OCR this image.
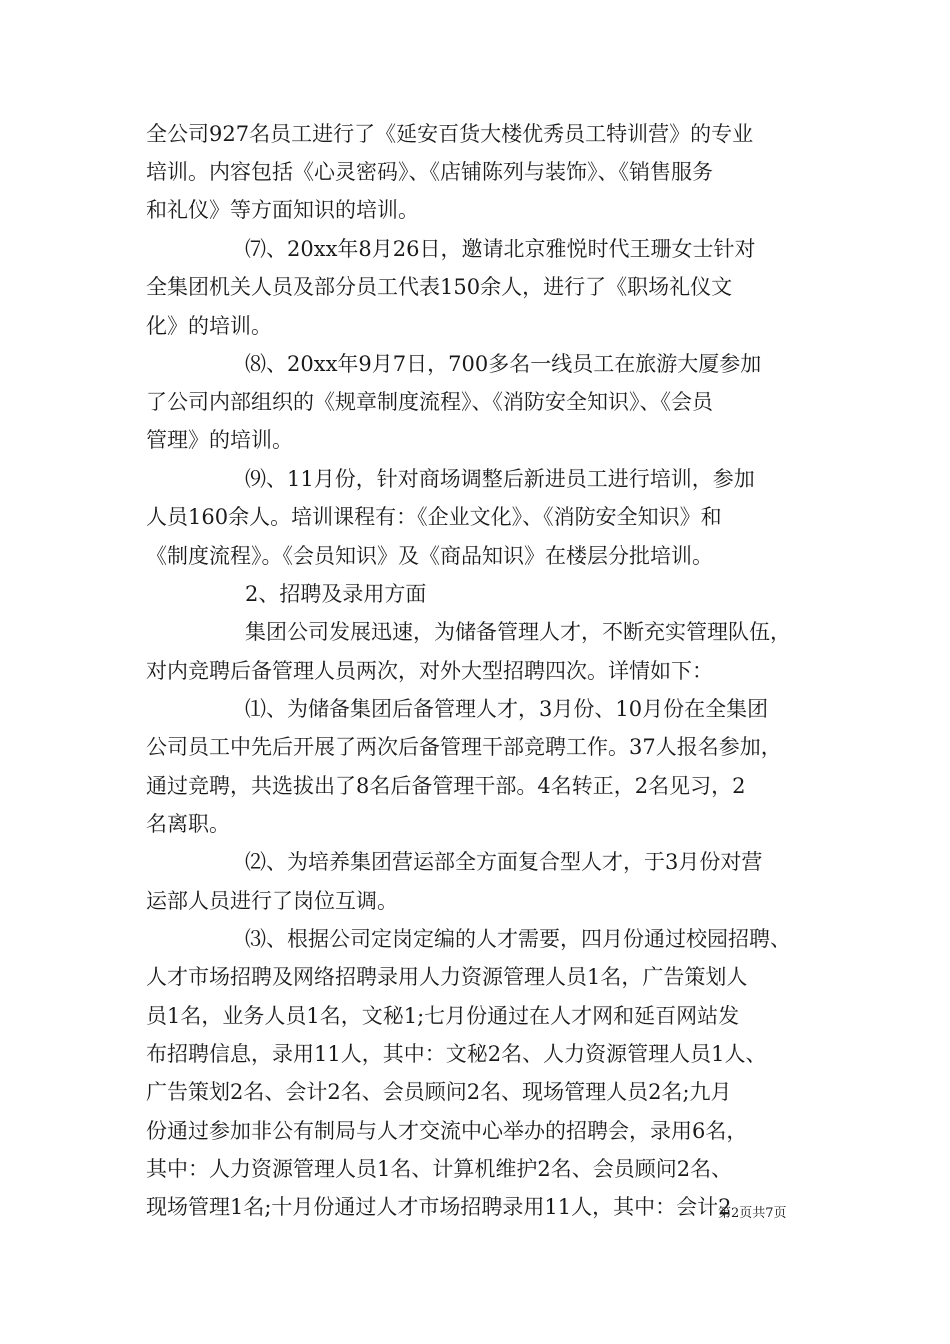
全公司927名员工进行了《延安百货大楼优秀员工特训营》的专业
培训。内容包括《心灵密码》、《店铺陈列与装饰》、《销售服务
和礼仪》等方面知识的培训。
⑺、20xx年8月26日，邀请北京雅悦时代王珊女士针对
全集团机关人员及部分员工代表150余人，进行了《职场礼仪文
化》的培训。
⑻、20xx年9月7日，700多名一线员工在旅游大厦参加
了公司内部组织的《规章制度流程》、《消防安全知识》、《会员
管理》的培训。
⑼、11月份，针对商场调整后新进员工进行培训，参加
人员160余人。培训课程有：《企业文化》、《消防安全知识》和
《制度流程》。《会员知识》及《商品知识》在楼层分批培训。
2、招聘及录用方面
集团公司发展迅速，为储备管理人才，不断充实管理队伍，
对内竞聘后备管理人员两次，对外大型招聘四次。详情如下：
⑴、为储备集团后备管理人才，3月份、10月份在全集团
公司员工中先后开展了两次后备管理干部竞聘工作。37人报名参加，
通过竞聘，共选拔出了8名后备管理干部。4名转正，2名见习，2
名离职。
⑵、为培养集团营运部全方面复合型人才，于3月份对营
运部人员进行了岗位互调。
⑶、根据公司定岗定编的人才需要，四月份通过校园招聘、
人才市场招聘及网络招聘录用人力资源管理人员1名，广告策划人
员1名，业务人员1名，文秘1;七月份通过在人才网和延百网站发
布招聘信息，录用11人，其中：文秘2名、人力资源管理人员1人、
广告策划2名、会计2名、会员顾问2名、现场管理人员2名;九月
份通过参加非公有制局与人才交流中心举办的招聘会，录用6名，
其中：人力资源管理人员1名、计算机维护2名、会员顾问2名、
现场管理1名;十月份通过人才市场招聘录用11人，其中：会计2
第2页共7页
